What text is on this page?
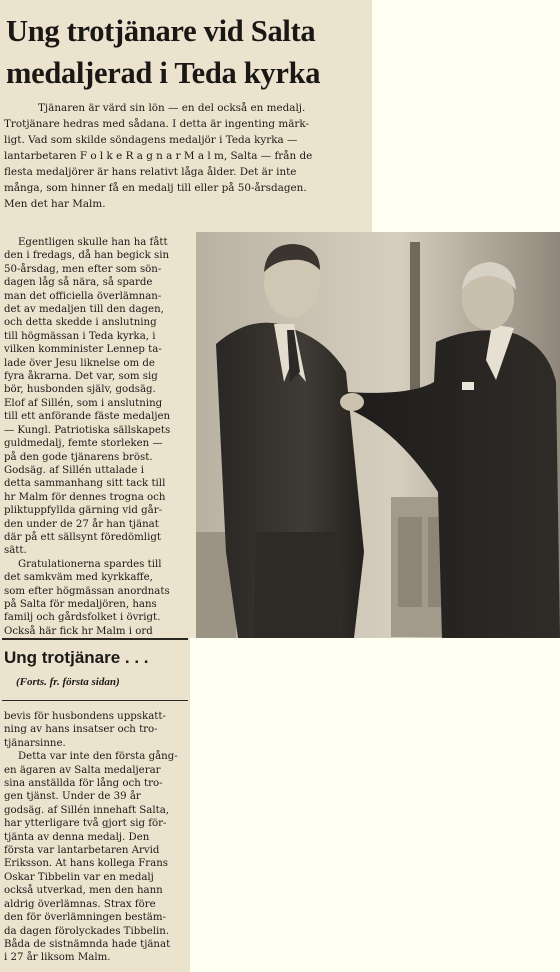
Ung trotjänare vid Salta
medaljerad i Teda kyrka

Tjänaren är värd sin lön — en del också en medalj.
Trotjänare hedras med sådana. I detta är ingenting märk-
ligt. Vad som skilde söndagens medaljör i Teda kyrka —
lantarbetaren F o l k e R a g n a r M a l m, Salta — från de
flesta medaljörer är hans relativt låga ålder. Det är inte
många, som hinner få en medalj till eller på 50-årsdagen.
Men det har Malm.

Egentligen skulle han ha fått
den i fredags, då han begick sin
50-årsdag, men efter som sön-
dagen låg så nära, så sparde
man det officiella överlämnan-
det av medaljen till den dagen,
och detta skedde i anslutning
till högmässan i Teda kyrka, i
vilken komminister Lennep ta-
lade över Jesu liknelse om de
fyra åkrarna. Det var, som sig
bör, husbonden själv, godsäg.
Elof af Sillén, som i anslutning
till ett anförande fäste medaljen
— Kungl. Patriotiska sällskapets
guldmedalj, femte storleken —
på den gode tjänarens bröst.
Godsäg. af Sillén uttalade i
detta sammanhang sitt tack till
hr Malm för dennes trogna och
pliktuppfyllda gärning vid går-
den under de 27 år han tjänat
där på ett sällsynt föredömligt
sätt.
Gratulationerna spardes till
det samkväm med kyrkkaffe,
som efter högmässan anordnats
på Salta för medaljören, hans
familj och gårdsfolket i övrigt.
Också här fick hr Malm i ord

Ung trotjänare . . .

(Forts. fr. första sidan)

bevis för husbondens uppskatt-
ning av hans insatser och tro-
tjänarsinne.
Detta var inte den första gång-
en ägaren av Salta medaljerar
sina anställda för lång och tro-
gen tjänst. Under de 39 år
godsäg. af Sillén innehaft Salta,
har ytterligare två gjort sig för-
tjänta av denna medalj. Den
första var lantarbetaren Arvid
Eriksson. At hans kollega Frans
Oskar Tibbelin var en medalj
också utverkad, men den hann
aldrig överlämnas. Strax före
den för överlämningen bestäm-
da dagen förolyckades Tibbelin.
Båda de sistnämnda hade tjänat
i 27 år liksom Malm.
